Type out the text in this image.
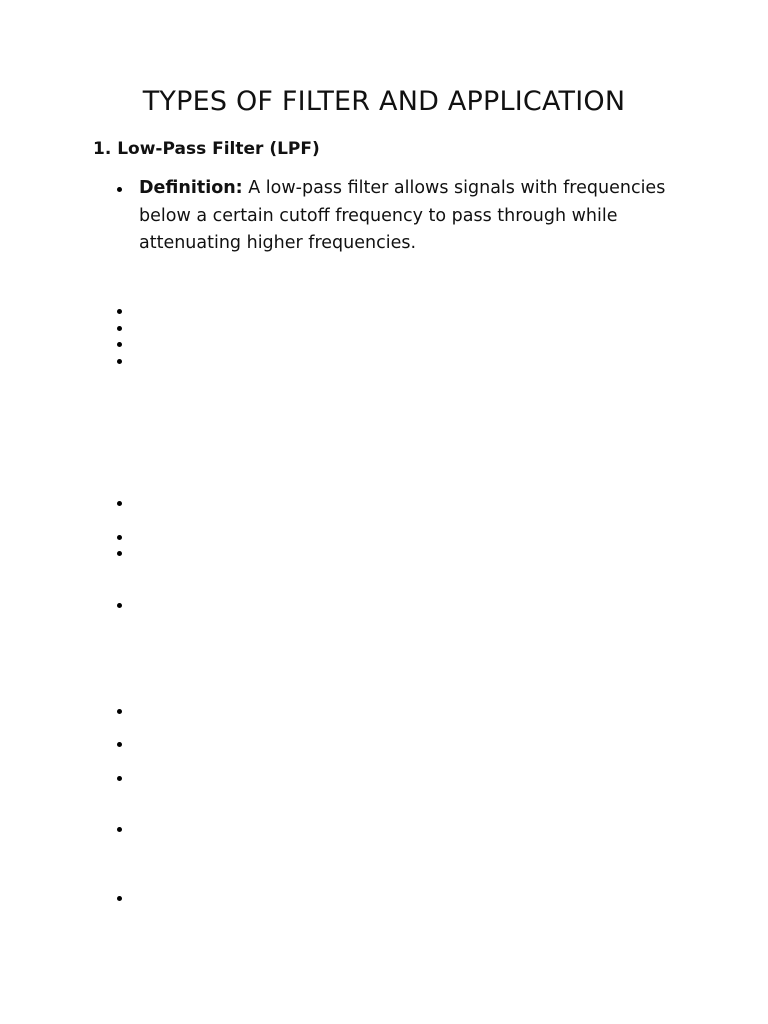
TYPES OF FILTER AND APPLICATION
1. Low-Pass Filter (LPF)
Definition: A low-pass filter allows signals with frequencies below a certain cutoff frequency to pass through while attenuating higher frequencies.
